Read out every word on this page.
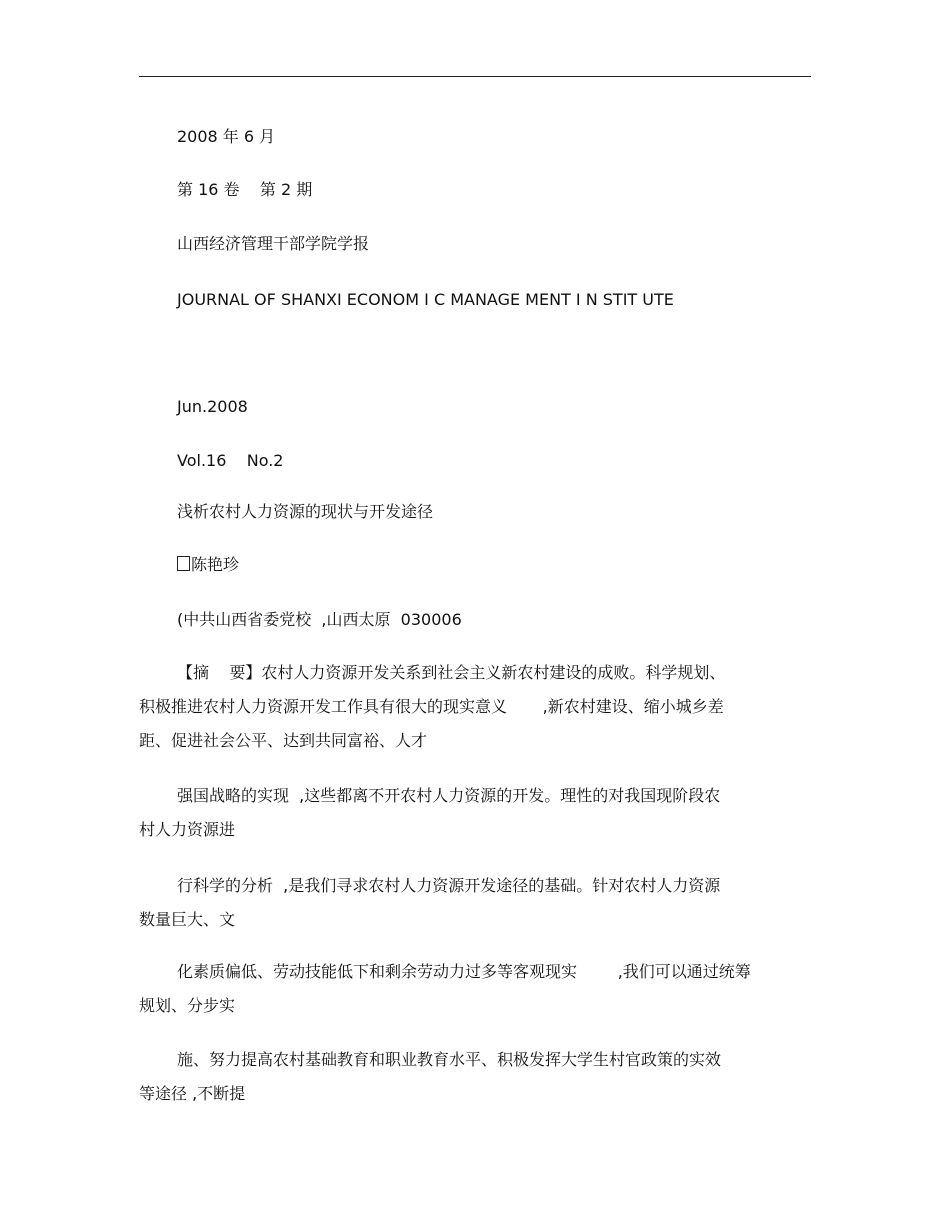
2008 年 6 月
第 16 卷    第 2 期
山西经济管理干部学院学报
JOURNAL OF SHANXI ECONOM I C MANAGE MENT I N STIT UTE
Jun.2008
Vol.16    No.2
浅析农村人力资源的现状与开发途径
陈艳珍
(中共山西省委党校  ,山西太原  030006
【摘    要】农村人力资源开发关系到社会主义新农村建设的成败。科学规划、
积极推进农村人力资源开发工作具有很大的现实意义       ,新农村建设、缩小城乡差
距、促进社会公平、达到共同富裕、人才
强国战略的实现  ,这些都离不开农村人力资源的开发。理性的对我国现阶段农
村人力资源进
行科学的分析  ,是我们寻求农村人力资源开发途径的基础。针对农村人力资源
数量巨大、文
化素质偏低、劳动技能低下和剩余劳动力过多等客观现实        ,我们可以通过统筹
规划、分步实
施、努力提高农村基础教育和职业教育水平、积极发挥大学生村官政策的实效
等途径 ,不断提
